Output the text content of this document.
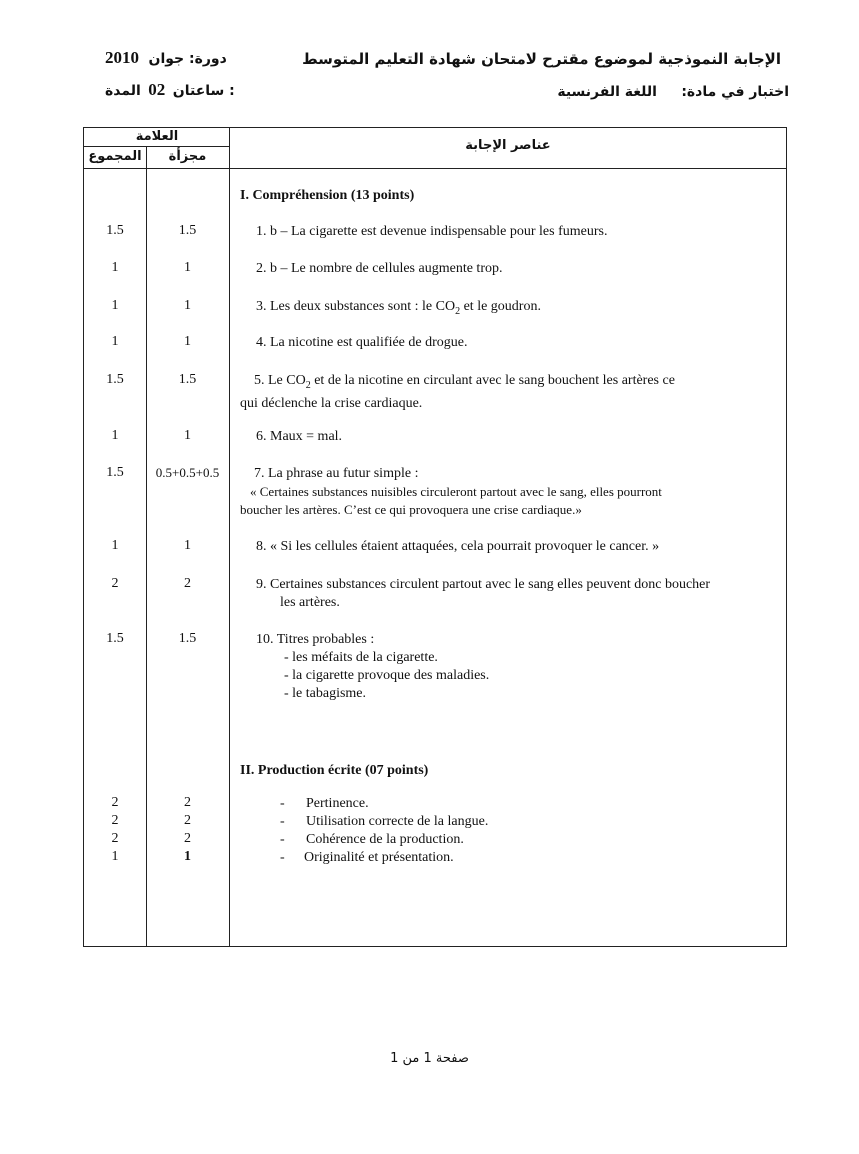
الإجابة النموذجية لموضوع مقترح لامتحان شهادة التعليم المتوسط
اختبار في مادة:     اللغة الفرنسية
2010 دورة: جوان
ساعتان 02 المدة :
العلامة
المجموع	مجزأة
عناصر الإجابة
I. Compréhension (13 points)
1.5	1.5	1. b – La cigarette est devenue indispensable pour les fumeurs.
1	1	2. b – Le nombre de cellules augmente trop.
1	1	3. Les deux substances sont : le $CO_2$ et le goudron.
1	1	4. La nicotine est qualifiée de drogue.
1.5	1.5	5. Le $CO_2$ et de la nicotine en circulant avec le sang bouchent les artères ce
qui déclenche la crise cardiaque.
1	1	6. Maux = mal.
1.5	0.5+0.5+0.5	7. La phrase au futur simple :
« Certaines substances nuisibles circuleront partout avec le sang, elles pourront
boucher les artères. C’est ce qui provoquera une crise cardiaque.»
1	1	8. « Si les cellules étaient attaquées, cela pourrait provoquer le cancer. »
2	2	9. Certaines substances circulent partout avec le sang elles peuvent donc boucher
les artères.
1.5	1.5	10. Titres probables :
- les méfaits de la cigarette.
- la cigarette provoque des maladies.
- le tabagisme.
II. Production écrite (07 points)
2	2	- Pertinence.
2	2	- Utilisation correcte de la langue.
2	2	- Cohérence de la production.
1	1	- Originalité et présentation.
صفحة 1 من 1
